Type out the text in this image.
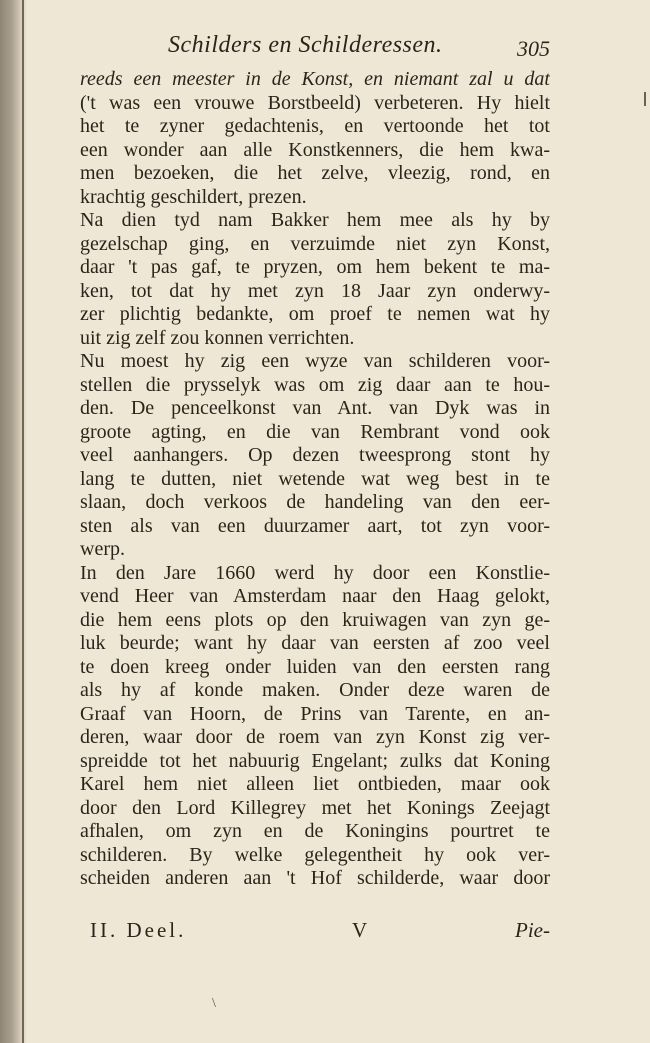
Schilders en Schilderessen.	305
reeds een meester in de Konst, en niemant zal u dat
('t was een vrouwe Borstbeeld) verbeteren. Hy hielt
het te zyner gedachtenis, en vertoonde het tot
een wonder aan alle Konstkenners, die hem kwa-
men bezoeken, die het zelve, vleezig, rond, en
krachtig geschildert, prezen.
Na dien tyd nam Bakker hem mee als hy by
gezelschap ging, en verzuimde niet zyn Konst,
daar 't pas gaf, te pryzen, om hem bekent te ma-
ken, tot dat hy met zyn 18 Jaar zyn onderwy-
zer plichtig bedankte, om proef te nemen wat hy
uit zig zelf zou konnen verrichten.
Nu moest hy zig een wyze van schilderen voor-
stellen die prysselyk was om zig daar aan te hou-
den. De penceelkonst van Ant. van Dyk was in
groote agting, en die van Rembrant vond ook
veel aanhangers. Op dezen tweesprong stont hy
lang te dutten, niet wetende wat weg best in te
slaan, doch verkoos de handeling van den eer-
sten als van een duurzamer aart, tot zyn voor-
werp.
In den Jare 1660 werd hy door een Konstlie-
vend Heer van Amsterdam naar den Haag gelokt,
die hem eens plots op den kruiwagen van zyn ge-
luk beurde; want hy daar van eersten af zoo veel
te doen kreeg onder luiden van den eersten rang
als hy af konde maken. Onder deze waren de
Graaf van Hoorn, de Prins van Tarente, en an-
deren, waar door de roem van zyn Konst zig ver-
spreidde tot het nabuurig Engelant; zulks dat Koning
Karel hem niet alleen liet ontbieden, maar ook
door den Lord Killegrey met het Konings Zeejagt
afhalen, om zyn en de Koningins pourtret te
schilderen. By welke gelegentheit hy ook ver-
scheiden anderen aan 't Hof schilderde, waar door
II. Deel.	V	Pie-
\
